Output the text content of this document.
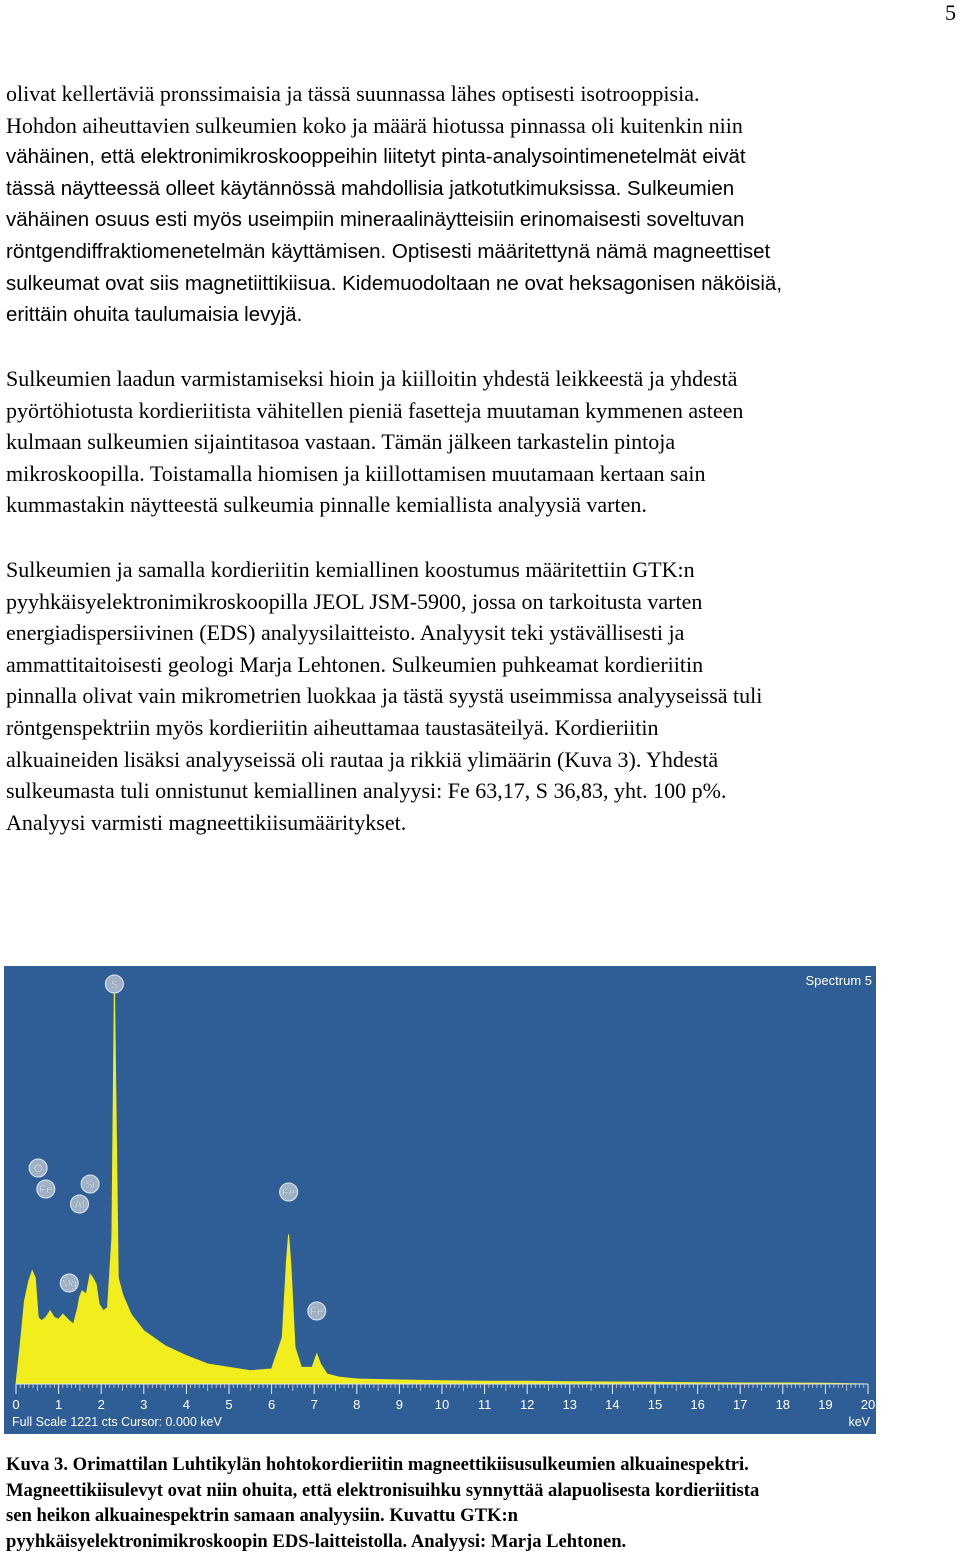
5
olivat kellertäviä pronssimaisia ja tässä suunnassa lähes optisesti isotrooppisia.
Hohdon aiheuttavien sulkeumien koko ja määrä hiotussa pinnassa oli kuitenkin niin
vähäinen, että elektronimikroskooppeihin liitetyt pinta-analysointimenetelmät eivät
tässä näytteessä olleet käytännössä mahdollisia jatkotutkimuksissa. Sulkeumien
vähäinen osuus esti myös useimpiin mineraalinäytteisiin erinomaisesti soveltuvan
röntgendiffraktiomenetelmän käyttämisen. Optisesti määritettynä nämä magneettiset
sulkeumat ovat siis magnetiittikiisua. Kidemuodoltaan ne ovat heksagonisen näköisiä,
erittäin ohuita taulumaisia levyjä.
Sulkeumien laadun varmistamiseksi hioin ja kiilloitin yhdestä leikkeestä ja yhdestä
pyörtöhiotusta kordieriitista vähitellen pieniä fasetteja muutaman kymmenen asteen
kulmaan sulkeumien sijaintitasoa vastaan. Tämän jälkeen tarkastelin pintoja
mikroskoopilla. Toistamalla hiomisen ja kiillottamisen muutamaan kertaan sain
kummastakin näytteestä sulkeumia pinnalle kemiallista analyysiä varten.
Sulkeumien ja samalla kordieriitin kemiallinen koostumus määritettiin GTK:n
pyyhkäisyelektronimikroskoopilla JEOL JSM-5900, jossa on tarkoitusta varten
energiadispersiivinen (EDS) analyysilaitteisto. Analyysit teki ystävällisesti ja
ammattitaitoisesti geologi Marja Lehtonen. Sulkeumien puhkeamat kordieriitin
pinnalla olivat vain mikrometrien luokkaa ja tästä syystä useimmissa analyyseissä tuli
röntgenspektriin myös kordieriitin aiheuttamaa taustasäteilyä. Kordieriitin
alkuaineiden lisäksi analyyseissä oli rautaa ja rikkiä ylimäärin (Kuva 3). Yhdestä
sulkeumasta tuli onnistunut kemiallinen analyysi: Fe 63,17, S 36,83, yht. 100 p%.
Analyysi varmisti magneettikiisumääritykset.
0	1	2	3	4	5	6	7	8	9 10 11 12 13 14 15 16 17 18 19 20
O
Fe
Al
Mg
Si
S
Fe
Fe
Spectrum 5
Full Scale 1221 cts Cursor: 0.000 keV	keV
Kuva 3. Orimattilan Luhtikylän hohtokordieriitin magneettikiisusulkeumien alkuainespektri.
Magneettikiisulevyt ovat niin ohuita, että elektronisuihku synnyttää alapuolisesta kordieriitista
sen heikon alkuainespektrin samaan analyysiin. Kuvattu GTK:n
pyyhkäisyelektronimikroskoopin EDS-laitteistolla. Analyysi: Marja Lehtonen.
